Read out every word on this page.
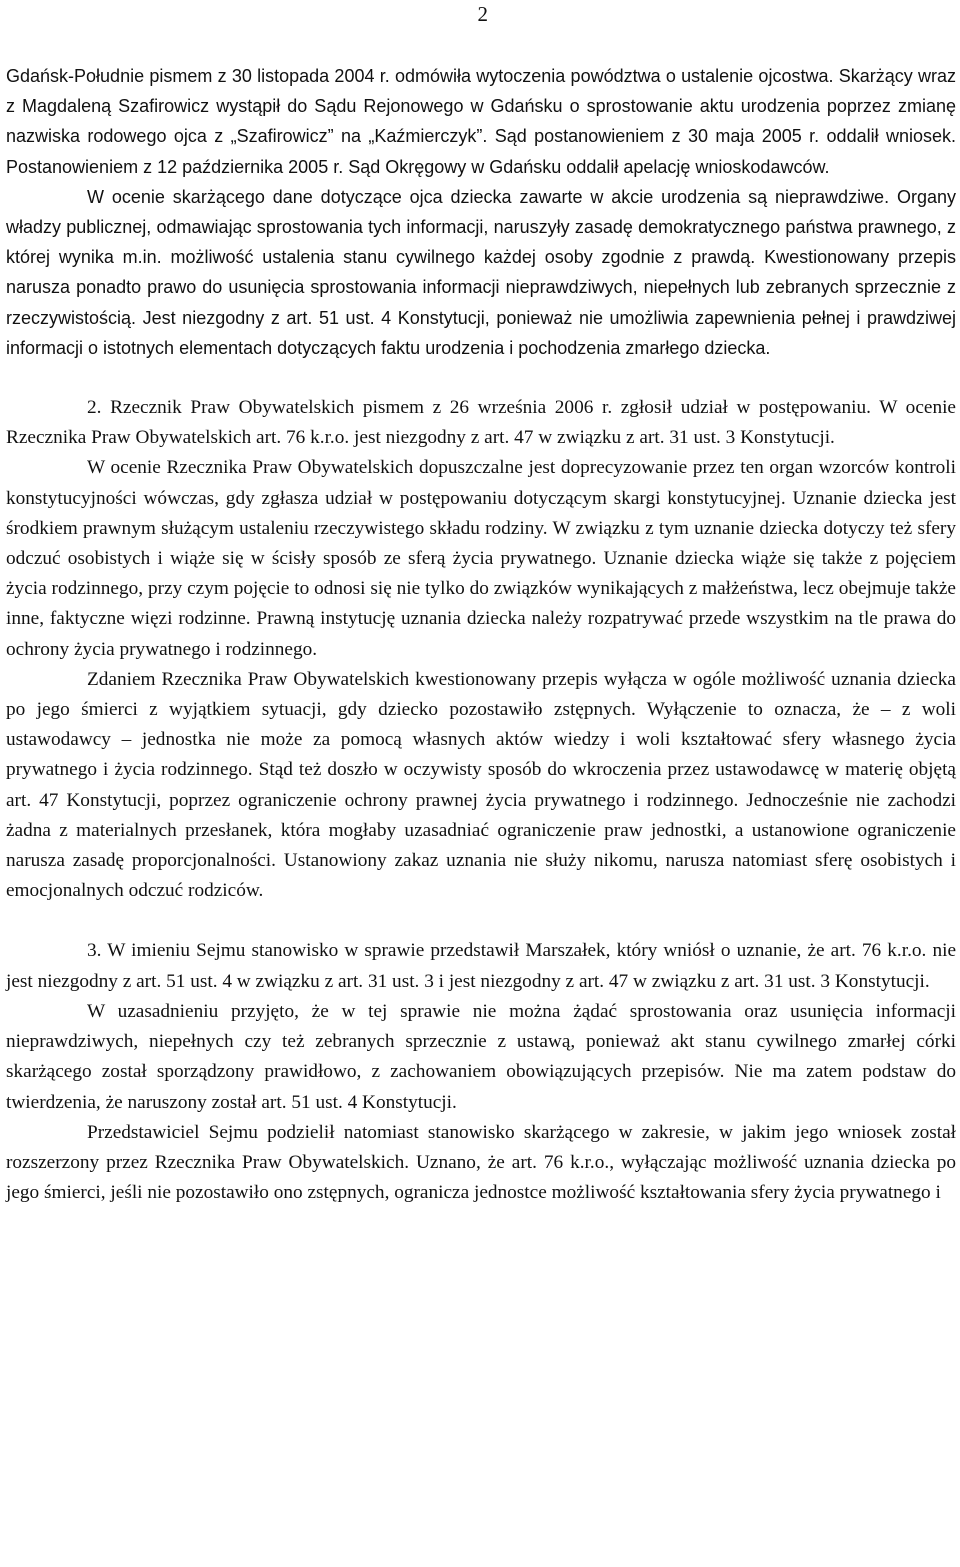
2

Gdańsk-Południe pismem z 30 listopada 2004 r. odmówiła wytoczenia powództwa o ustalenie ojcostwa. Skarżący wraz z Magdaleną Szafirowicz wystąpił do Sądu Rejonowego w Gdańsku o sprostowanie aktu urodzenia poprzez zmianę nazwiska rodowego ojca z „Szafirowicz” na „Kaźmierczyk”. Sąd postanowieniem z 30 maja 2005 r. oddalił wniosek. Postanowieniem z 12 października 2005 r. Sąd Okręgowy w Gdańsku oddalił apelację wnioskodawców.

W ocenie skarżącego dane dotyczące ojca dziecka zawarte w akcie urodzenia są nieprawdziwe. Organy władzy publicznej, odmawiając sprostowania tych informacji, naruszyły zasadę demokratycznego państwa prawnego, z której wynika m.in. możliwość ustalenia stanu cywilnego każdej osoby zgodnie z prawdą. Kwestionowany przepis narusza ponadto prawo do usunięcia sprostowania informacji nieprawdziwych, niepełnych lub zebranych sprzecznie z rzeczywistością. Jest niezgodny z art. 51 ust. 4 Konstytucji, ponieważ nie umożliwia zapewnienia pełnej i prawdziwej informacji o istotnych elementach dotyczących faktu urodzenia i pochodzenia zmarłego dziecka.

2. Rzecznik Praw Obywatelskich pismem z 26 września 2006 r. zgłosił udział w postępowaniu. W ocenie Rzecznika Praw Obywatelskich art. 76 k.r.o. jest niezgodny z art. 47 w związku z art. 31 ust. 3 Konstytucji.

W ocenie Rzecznika Praw Obywatelskich dopuszczalne jest doprecyzowanie przez ten organ wzorców kontroli konstytucyjności wówczas, gdy zgłasza udział w postępowaniu dotyczącym skargi konstytucyjnej. Uznanie dziecka jest środkiem prawnym służącym ustaleniu rzeczywistego składu rodziny. W związku z tym uznanie dziecka dotyczy też sfery odczuć osobistych i wiąże się w ścisły sposób ze sferą życia prywatnego. Uznanie dziecka wiąże się także z pojęciem życia rodzinnego, przy czym pojęcie to odnosi się nie tylko do związków wynikających z małżeństwa, lecz obejmuje także inne, faktyczne więzi rodzinne. Prawną instytucję uznania dziecka należy rozpatrywać przede wszystkim na tle prawa do ochrony życia prywatnego i rodzinnego.

Zdaniem Rzecznika Praw Obywatelskich kwestionowany przepis wyłącza w ogóle możliwość uznania dziecka po jego śmierci z wyjątkiem sytuacji, gdy dziecko pozostawiło zstępnych. Wyłączenie to oznacza, że – z woli ustawodawcy – jednostka nie może za pomocą własnych aktów wiedzy i woli kształtować sfery własnego życia prywatnego i życia rodzinnego. Stąd też doszło w oczywisty sposób do wkroczenia przez ustawodawcę w materię objętą art. 47 Konstytucji, poprzez ograniczenie ochrony prawnej życia prywatnego i rodzinnego. Jednocześnie nie zachodzi żadna z materialnych przesłanek, która mogłaby uzasadniać ograniczenie praw jednostki, a ustanowione ograniczenie narusza zasadę proporcjonalności. Ustanowiony zakaz uznania nie służy nikomu, narusza natomiast sferę osobistych i emocjonalnych odczuć rodziców.

3. W imieniu Sejmu stanowisko w sprawie przedstawił Marszałek, który wniósł o uznanie, że art. 76 k.r.o. nie jest niezgodny z art. 51 ust. 4 w związku z art. 31 ust. 3 i jest niezgodny z art. 47 w związku z art. 31 ust. 3 Konstytucji.

W uzasadnieniu przyjęto, że w tej sprawie nie można żądać sprostowania oraz usunięcia informacji nieprawdziwych, niepełnych czy też zebranych sprzecznie z ustawą, ponieważ akt stanu cywilnego zmarłej córki skarżącego został sporządzony prawidłowo, z zachowaniem obowiązujących przepisów. Nie ma zatem podstaw do twierdzenia, że naruszony został art. 51 ust. 4 Konstytucji.

Przedstawiciel Sejmu podzielił natomiast stanowisko skarżącego w zakresie, w jakim jego wniosek został rozszerzony przez Rzecznika Praw Obywatelskich. Uznano, że art. 76 k.r.o., wyłączając możliwość uznania dziecka po jego śmierci, jeśli nie pozostawiło ono zstępnych, ogranicza jednostce możliwość kształtowania sfery życia prywatnego i
